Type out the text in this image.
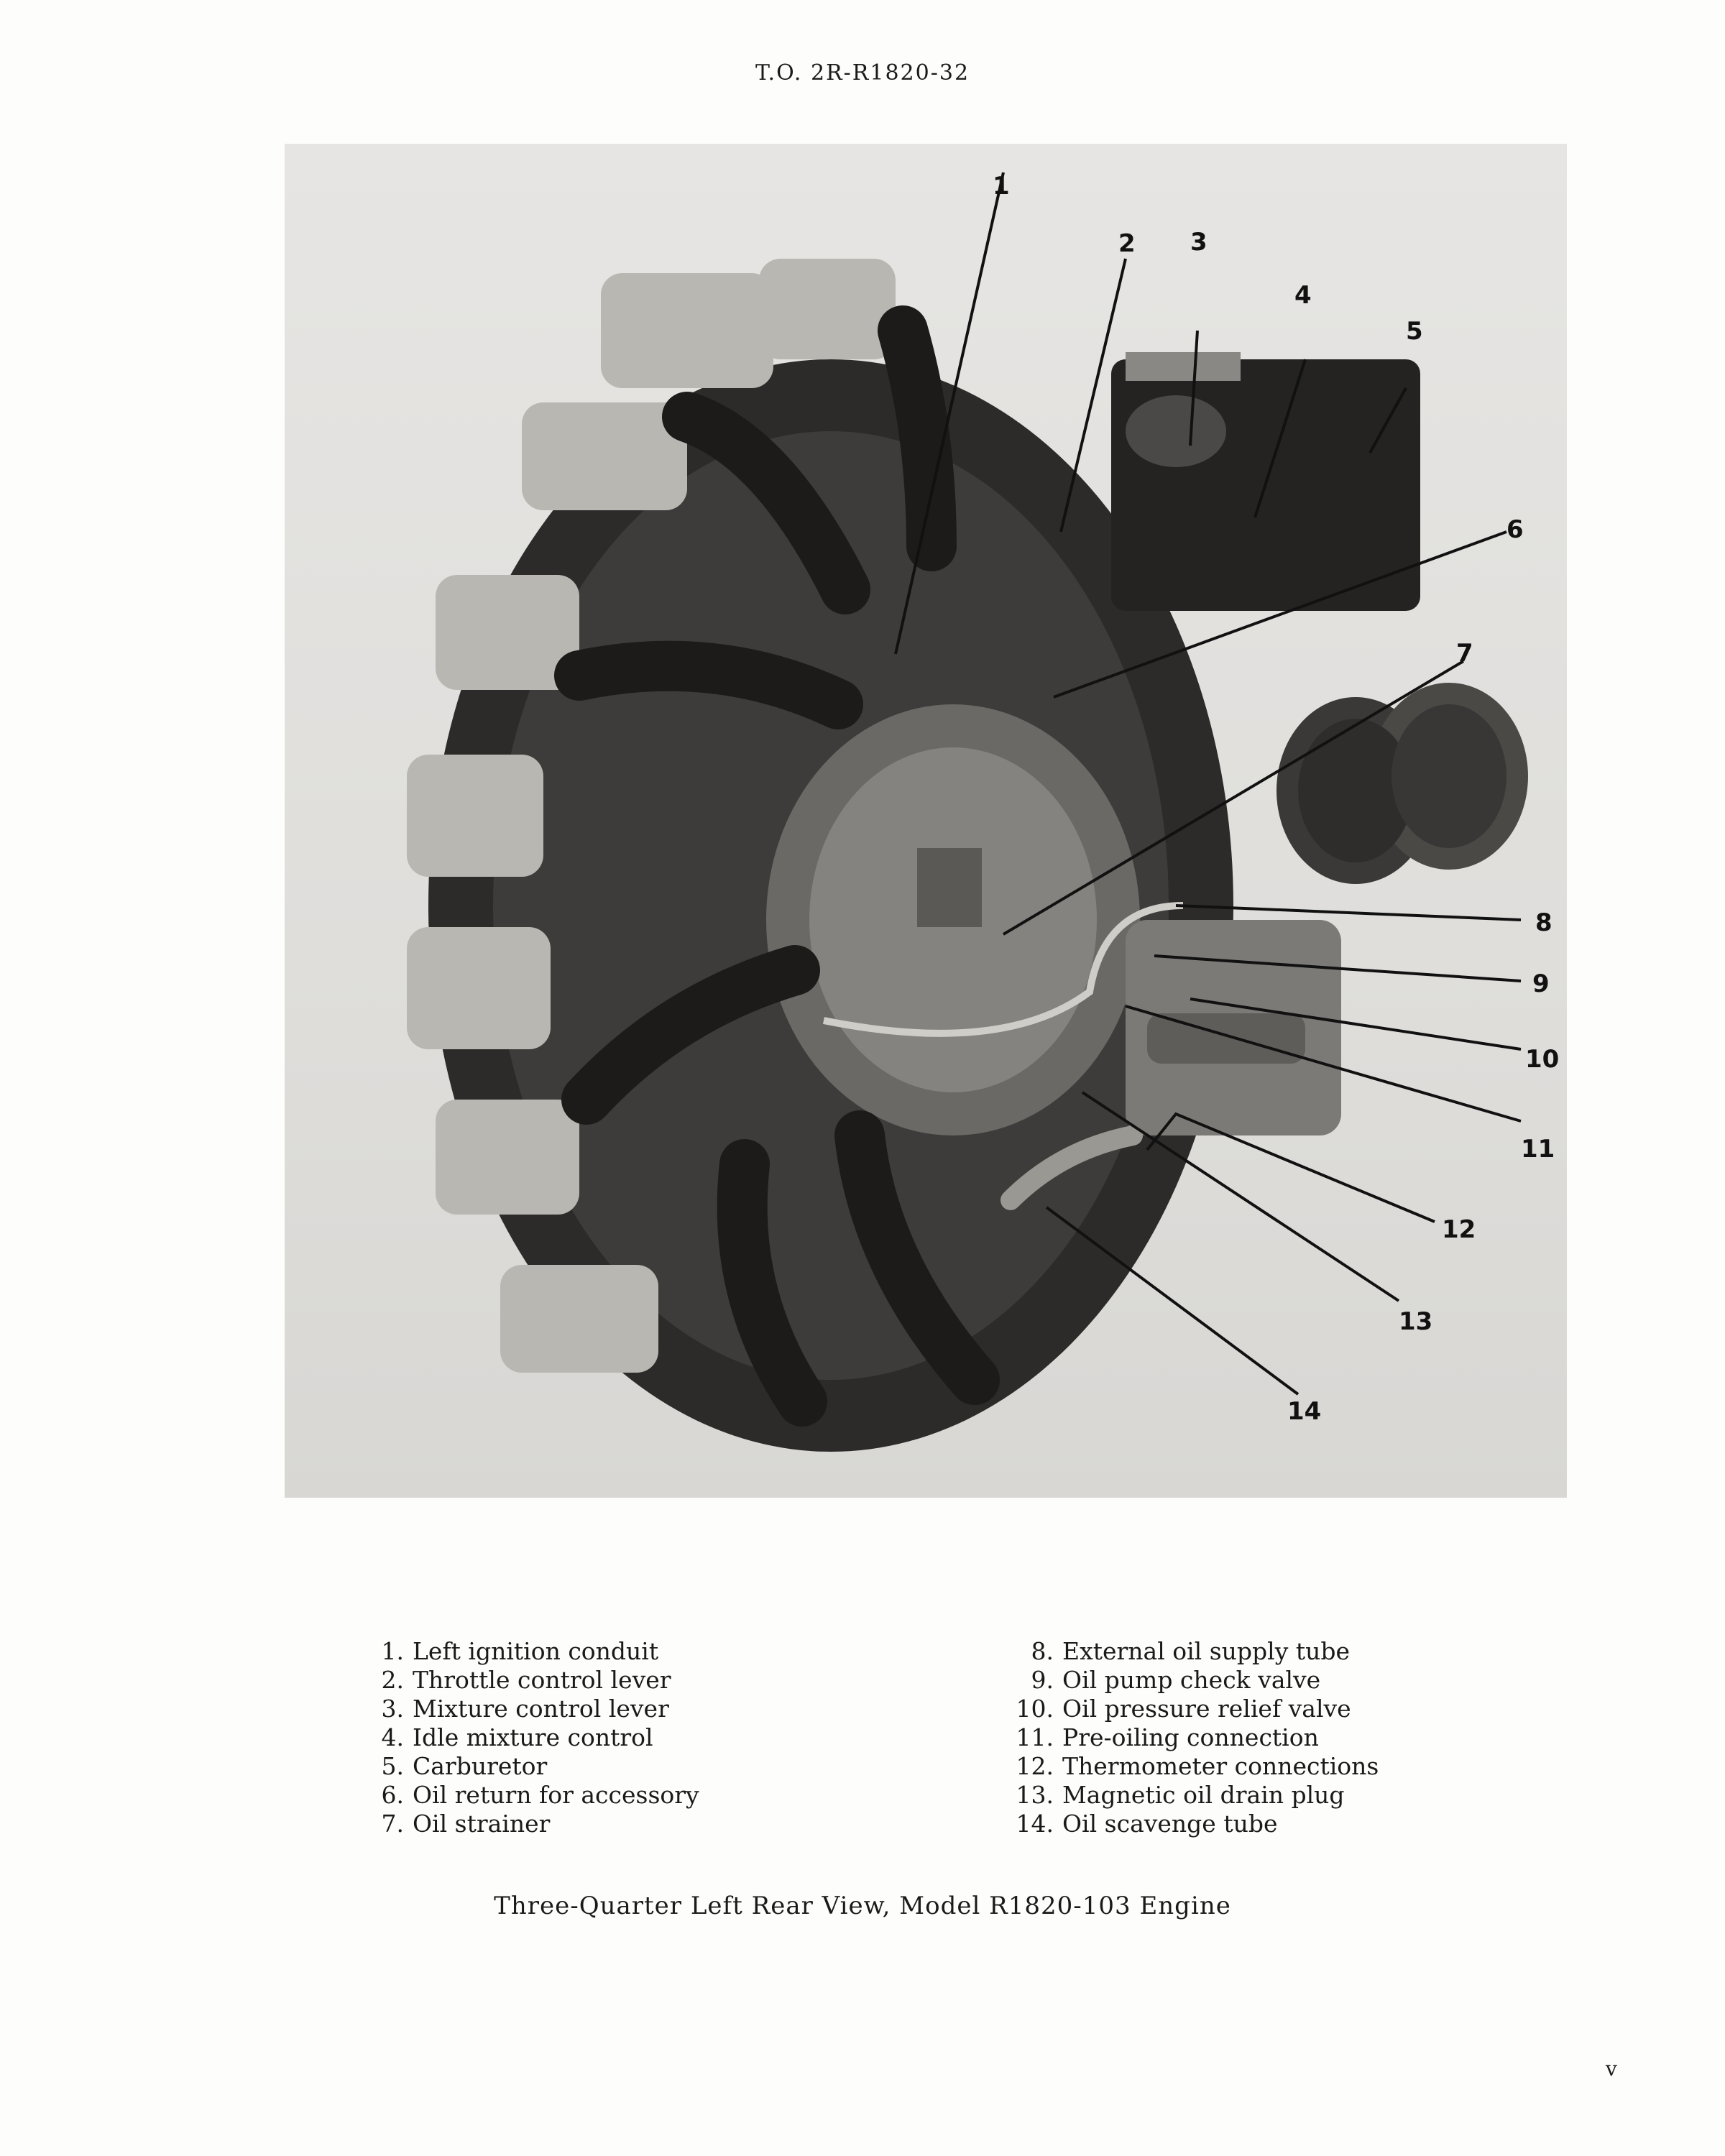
T.O. 2R-R1820-32
1
2 3
4
5
6
7
8
9
10
11
12
13
14
1. Left ignition conduit
2. Throttle control lever
3. Mixture control lever
4. Idle mixture control
5. Carburetor
6. Oil return for accessory
7. Oil strainer
8. External oil supply tube
9. Oil pump check valve
10. Oil pressure relief valve
11. Pre-oiling connection
12. Thermometer connections
13. Magnetic oil drain plug
14. Oil scavenge tube
Three-Quarter Left Rear View, Model R1820-103 Engine
v
